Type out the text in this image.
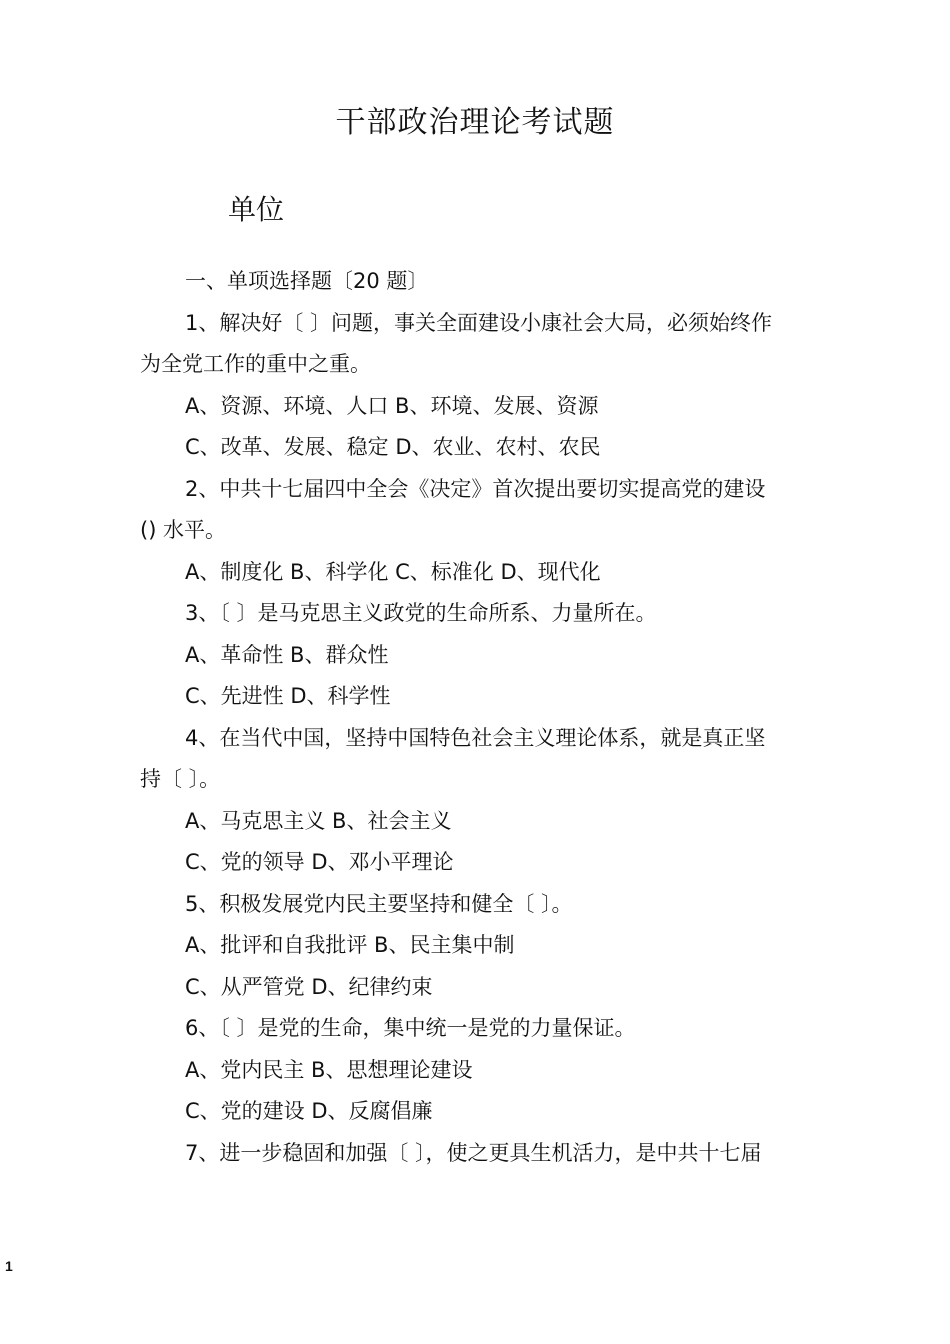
干部政治理论考试题
单位
一、单项选择题〔20 题〕
1、解决好〔 〕问题，事关全面建设小康社会大局，必须始终作
为全党工作的重中之重。
A、资源、环境、人口 B、环境、发展、资源
C、改革、发展、稳定 D、农业、农村、农民
2、中共十七届四中全会《决定》首次提出要切实提高党的建设
() 水平。
A、制度化 B、科学化 C、标准化 D、现代化
3、〔 〕是马克思主义政党的生命所系、力量所在。
A、革命性 B、群众性
C、先进性 D、科学性
4、在当代中国，坚持中国特色社会主义理论体系，就是真正坚
持〔 〕。
A、马克思主义 B、社会主义
C、党的领导 D、邓小平理论
5、积极发展党内民主要坚持和健全〔 〕。
A、批评和自我批评 B、民主集中制
C、从严管党 D、纪律约束
6、〔 〕是党的生命，集中统一是党的力量保证。
A、党内民主 B、思想理论建设
C、党的建设 D、反腐倡廉
7、进一步稳固和加强〔 〕，使之更具生机活力，是中共十七届
1
